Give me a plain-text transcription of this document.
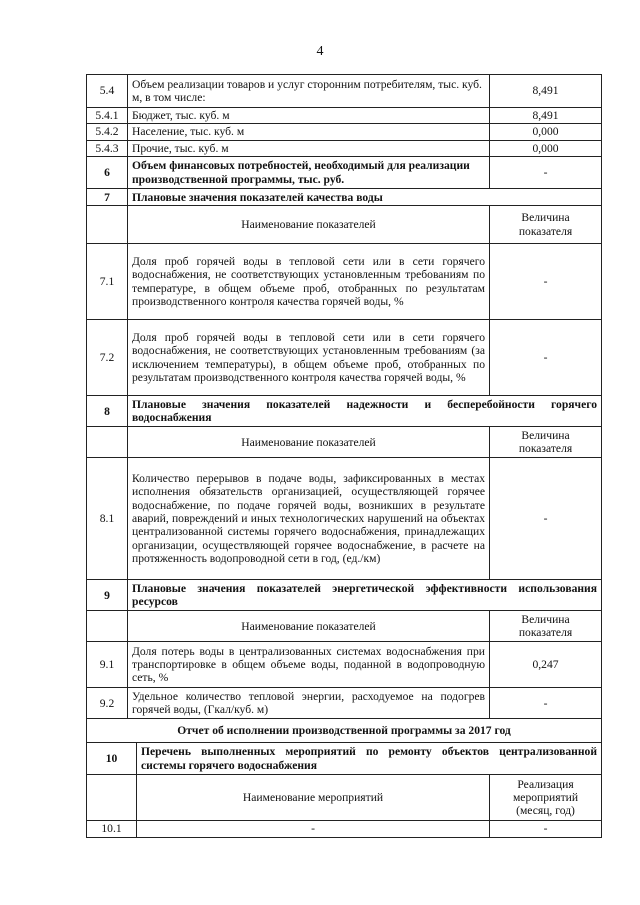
4
5.4	Объем реализации товаров и услуг сторонним потребителям, тыс. куб. м, в том числе:		8,491
5.4.1	Бюджет, тыс. куб. м		8,491
5.4.2	Население, тыс. куб. м		0,000
5.4.3	Прочие, тыс. куб. м		0,000
6	Объем финансовых потребностей, необходимый для реализации производственной программы, тыс. руб.		-
7	Плановые значения показателей качества воды		
	Наименование показателей		Величина показателя
7.1	Доля проб горячей воды в тепловой сети или в сети горячего водоснабжения, не соответствующих установленным требованиям по температуре, в общем объеме проб, отобранных по результатам производственного контроля качества горячей воды, %		-
7.2	Доля проб горячей воды в тепловой сети или в сети горячего водоснабжения, не соответствующих установленным требованиям (за исключением температуры), в общем объеме проб, отобранных по результатам производственного контроля качества горячей воды, %		-
8	Плановые значения показателей надежности и бесперебойности горячего водоснабжения		
	Наименование показателей		Величина показателя
8.1	Количество перерывов в подаче воды, зафиксированных в местах исполнения обязательств организацией, осуществляющей горячее водоснабжение, по подаче горячей воды, возникших в результате аварий, повреждений и иных технологических нарушений на объектах централизованной системы горячего водоснабжения, принадлежащих организации, осуществляющей горячее водоснабжение, в расчете на протяженность водопроводной сети в год, (ед./км)		-
9	Плановые значения показателей энергетической эффективности использования ресурсов		
	Наименование показателей		Величина показателя
9.1	Доля потерь воды в централизованных системах водоснабжения при транспортировке в общем объеме воды, поданной в водопроводную сеть, %		0,247
9.2	Удельное количество тепловой энергии, расходуемое на подогрев горячей воды, (Гкал/куб. м)		-
Отчет об исполнении производственной программы за 2017 год			
10		Перечень выполненных мероприятий по ремонту объектов централизованной системы горячего водоснабжения	
		Наименование мероприятий	Реализация мероприятий (месяц, год)
10.1		-	-
